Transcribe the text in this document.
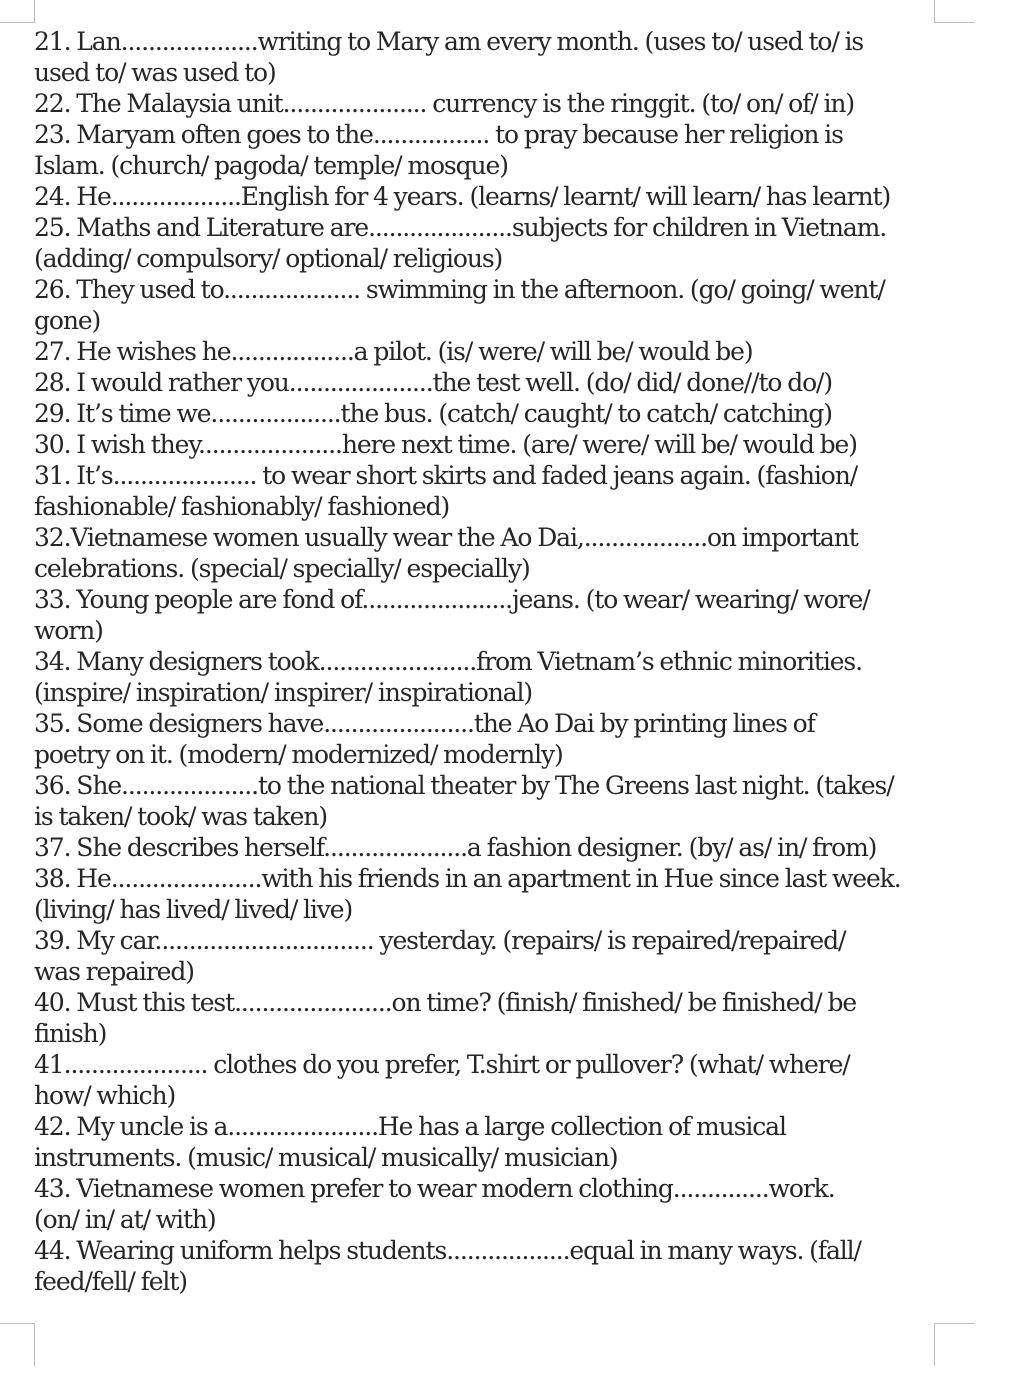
21. Lan....................writing to Mary am every month. (uses to/ used to/ is
used to/ was used to)
22. The Malaysia unit..................... currency is the ringgit. (to/ on/ of/ in)
23. Maryam often goes to the................. to pray because her religion is
Islam. (church/ pagoda/ temple/ mosque)
24. He...................English for 4 years. (learns/ learnt/ will learn/ has learnt)
25. Maths and Literature are.....................subjects for children in Vietnam.
(adding/ compulsory/ optional/ religious)
26. They used to.................... swimming in the afternoon. (go/ going/ went/
gone)
27. He wishes he..................a pilot. (is/ were/ will be/ would be)
28. I would rather you.....................the test well. (do/ did/ done//to do/)
29. It’s time we...................the bus. (catch/ caught/ to catch/ catching)
30. I wish they.....................here next time. (are/ were/ will be/ would be)
31. It’s..................... to wear short skirts and faded jeans again. (fashion/
fashionable/ fashionably/ fashioned)
32.Vietnamese women usually wear the Ao Dai,..................on important
celebrations. (special/ specially/ especially)
33. Young people are fond of......................jeans. (to wear/ wearing/ wore/
worn)
34. Many designers took.......................from Vietnam’s ethnic minorities.
(inspire/ inspiration/ inspirer/ inspirational)
35. Some designers have......................the Ao Dai by printing lines of
poetry on it. (modern/ modernized/ modernly)
36. She....................to the national theater by The Greens last night. (takes/
is taken/ took/ was taken)
37. She describes herself.....................a fashion designer. (by/ as/ in/ from)
38. He......................with his friends in an apartment in Hue since last week.
(living/ has lived/ lived/ live)
39. My car................................ yesterday. (repairs/ is repaired/repaired/
was repaired)
40. Must this test.......................on time? (finish/ finished/ be finished/ be
finish)
41..................... clothes do you prefer, T.shirt or pullover? (what/ where/
how/ which)
42. My uncle is a......................He has a large collection of musical
instruments. (music/ musical/ musically/ musician)
43. Vietnamese women prefer to wear modern clothing..............work.
(on/ in/ at/ with)
44. Wearing uniform helps students..................equal in many ways. (fall/
feed/fell/ felt)
